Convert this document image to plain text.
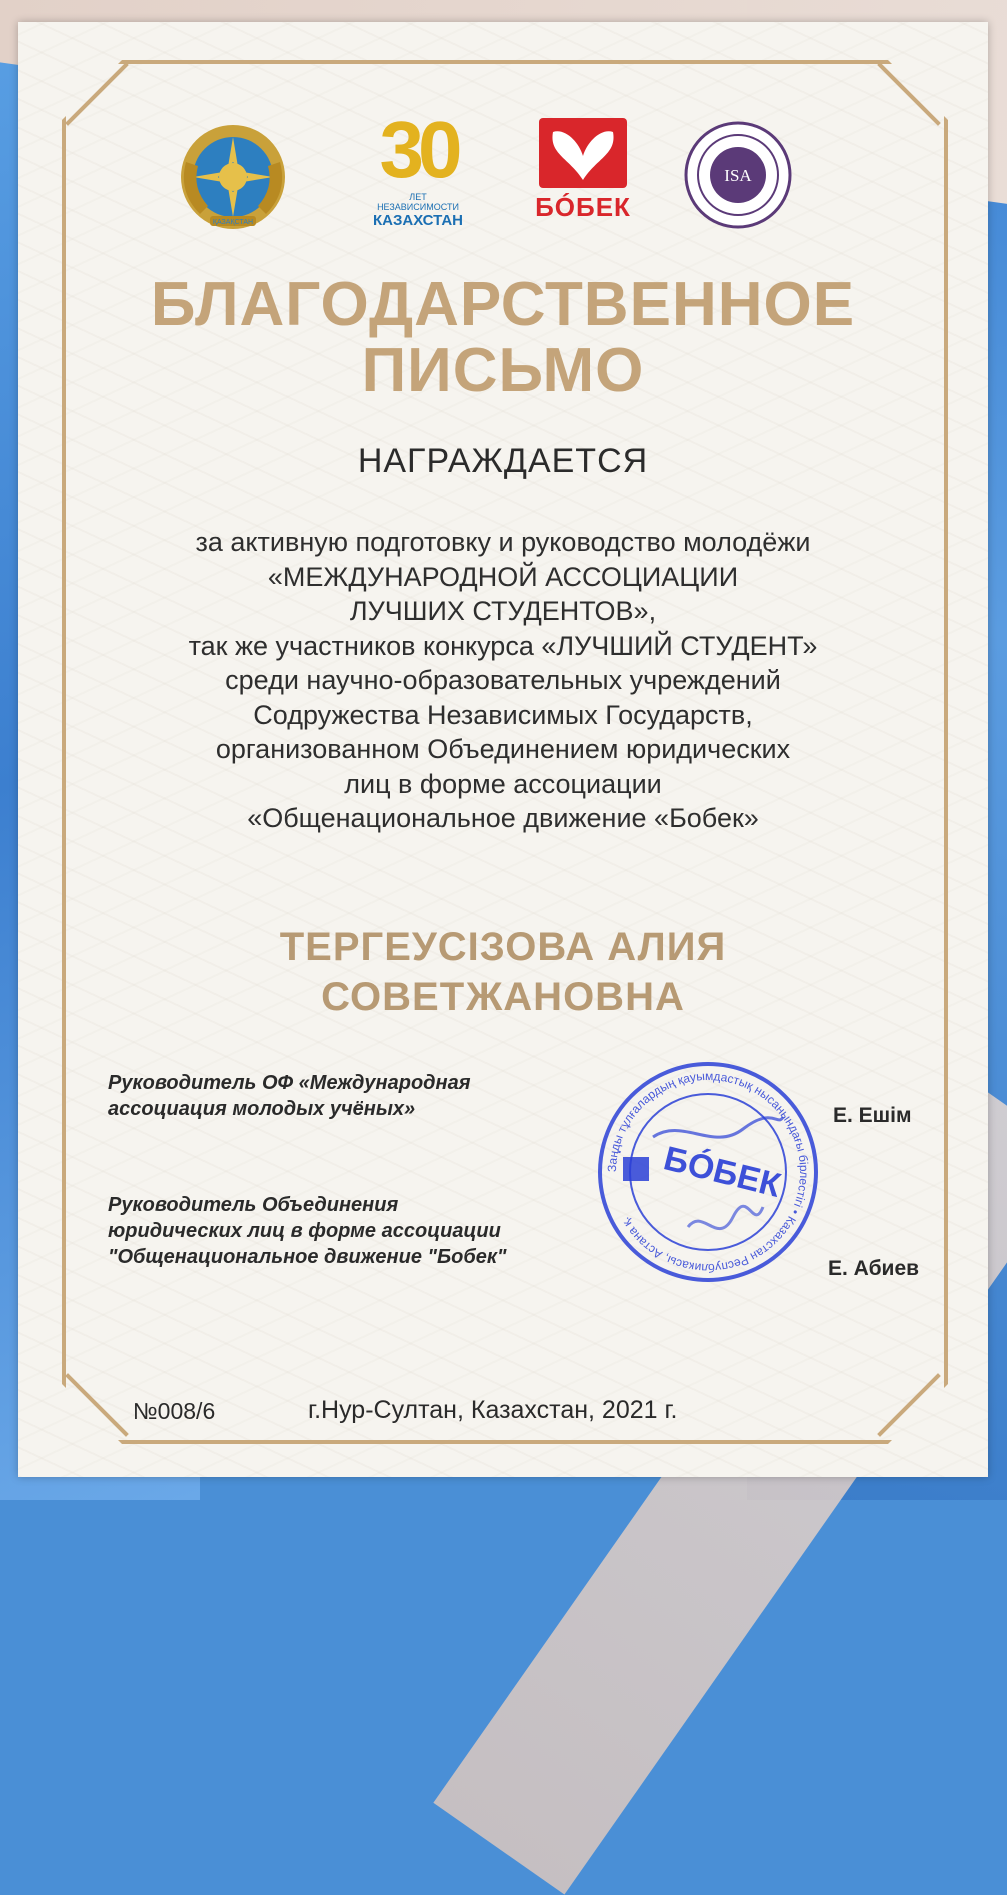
ҚАЗАҚСТАН
30
ЛЕТ НЕЗАВИСИМОСТИ
КАЗАХСТАН	БÓБЕК
ISA
БЛАГОДАРСТВЕННОЕ
ПИСЬМО
НАГРАЖДАЕТСЯ
за активную подготовку и руководство молодёжи
«МЕЖДУНАРОДНОЙ АССОЦИАЦИИ
ЛУЧШИХ СТУДЕНТОВ»,
так же участников конкурса «ЛУЧШИЙ СТУДЕНТ»
среди научно-образовательных учреждений
Содружества Независимых Государств,
организованном Объединением юридических
лиц в форме ассоциации
«Общенациональное движение «Бобек»
ТЕРГЕУСІЗОВА АЛИЯ
СОВЕТЖАНОВНА
Руководитель ОФ «Международная
ассоциация молодых учёных»	Е. Ешім
Руководитель Объединения
юридических лиц в форме ассоциации
"Общенациональное движение "Бобек"	Е. Абиев
Заңды тұлғалардың қауымдастық нысанындағы бірлестігі • Казахстан Республикасы, Астана қ.
БÓБЕК
№008/6	г.Нур-Султан, Казахстан, 2021 г.
